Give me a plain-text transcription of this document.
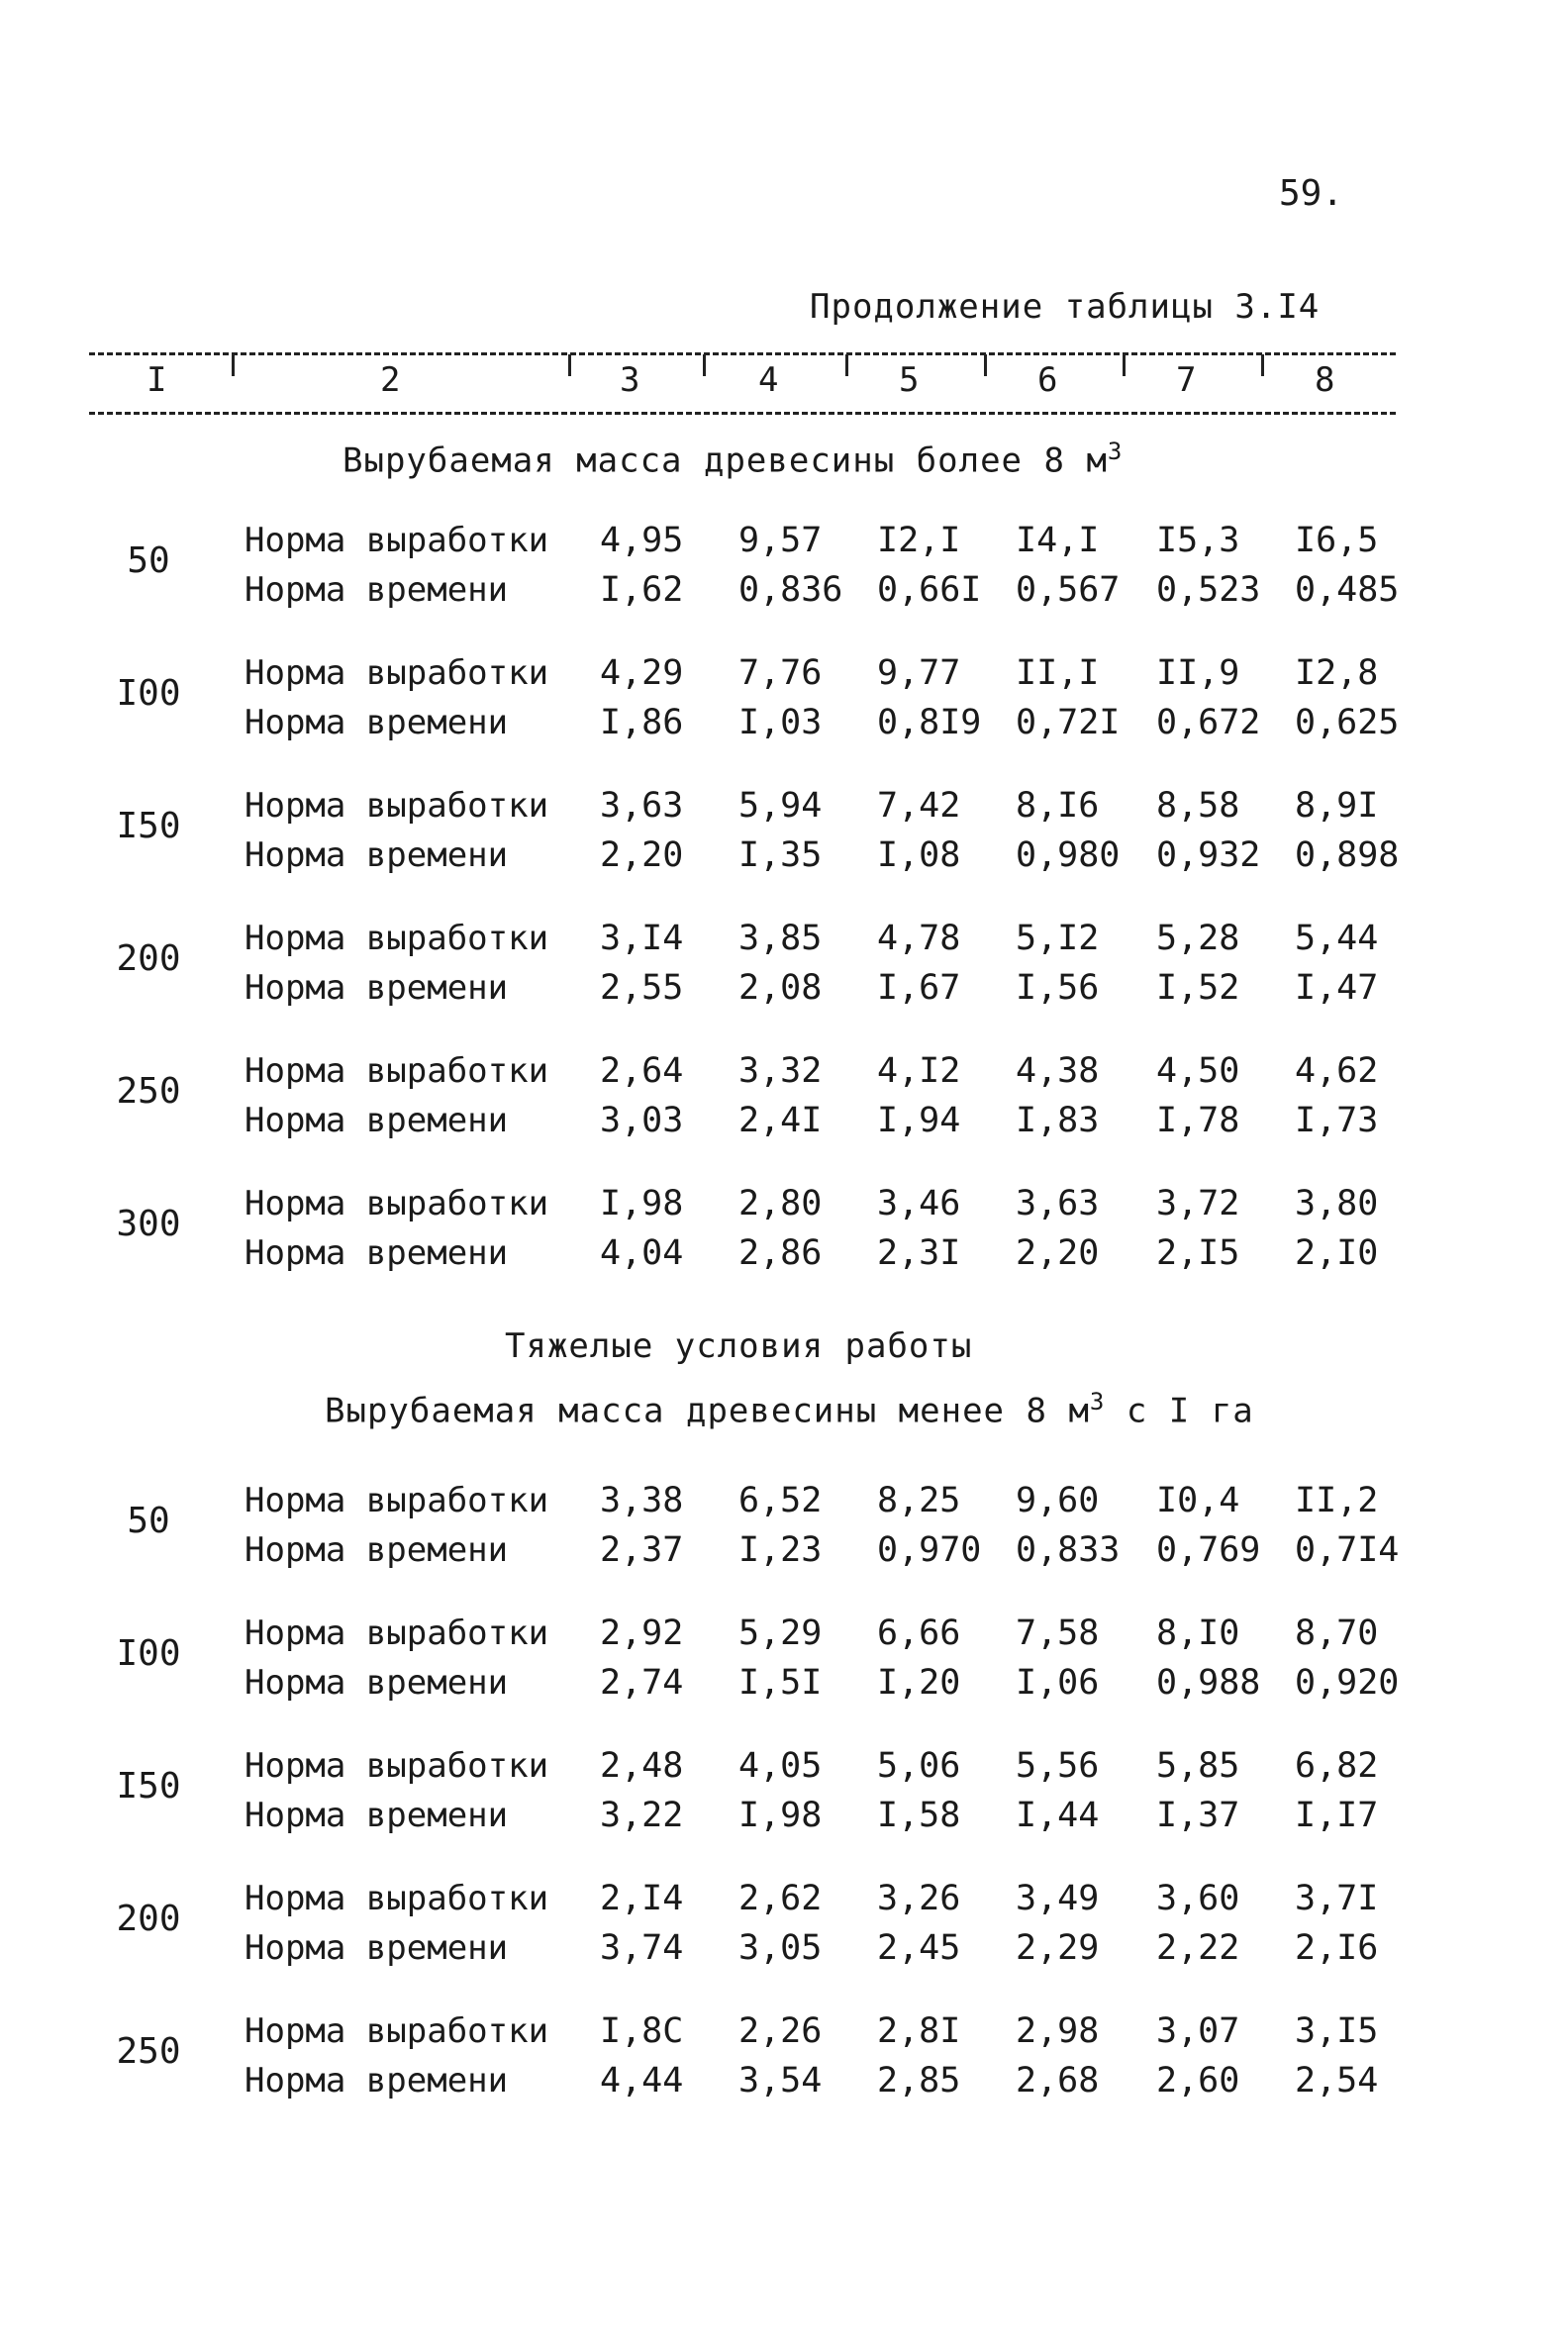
59.
Продолжение таблицы 3.I4
I	2	3	4	5	6	7	8
Вырубаемая масса древесины более 8 $м^3$
50	Норма выработки 4,95 9,57 I2,I I4,I I5,3 I6,5
Норма времени	I,62 0,836 0,66I 0,567 0,523 0,485
I00 Норма выработки 4,29 7,76 9,77 II,I II,9 I2,8
Норма времени	I,86 I,03 0,8I9 0,72I 0,672 0,625
I50 Норма выработки 3,63 5,94 7,42 8,I6 8,58 8,9I
Норма времени	2,20 I,35 I,08 0,980 0,932 0,898
200 Норма выработки 3,I4 3,85 4,78 5,I2 5,28 5,44
Норма времени	2,55 2,08 I,67 I,56 I,52 I,47
250 Норма выработки 2,64 3,32 4,I2 4,38 4,50 4,62
Норма времени	3,03 2,4I I,94 I,83 I,78 I,73
300 Норма выработки I,98 2,80 3,46 3,63 3,72 3,80
Норма времени	4,04 2,86 2,3I 2,20 2,I5 2,I0
Тяжелые условия работы
Вырубаемая масса древесины менее 8 $м^3$ с I га
50	Норма выработки 3,38 6,52 8,25 9,60 I0,4 II,2
Норма времени	2,37 I,23 0,970 0,833 0,769 0,7I4
I00 Норма выработки 2,92 5,29 6,66 7,58 8,I0 8,70
Норма времени	2,74 I,5I I,20 I,06 0,988 0,920
I50 Норма выработки 2,48 4,05 5,06 5,56 5,85 6,82
Норма времени	3,22 I,98 I,58 I,44 I,37 I,I7
200 Норма выработки 2,I4 2,62 3,26 3,49 3,60 3,7I
Норма времени	3,74 3,05 2,45 2,29 2,22 2,I6
250 Норма выработки I,8C 2,26 2,8I 2,98 3,07 3,I5
Норма времени	4,44 3,54 2,85 2,68 2,60 2,54
